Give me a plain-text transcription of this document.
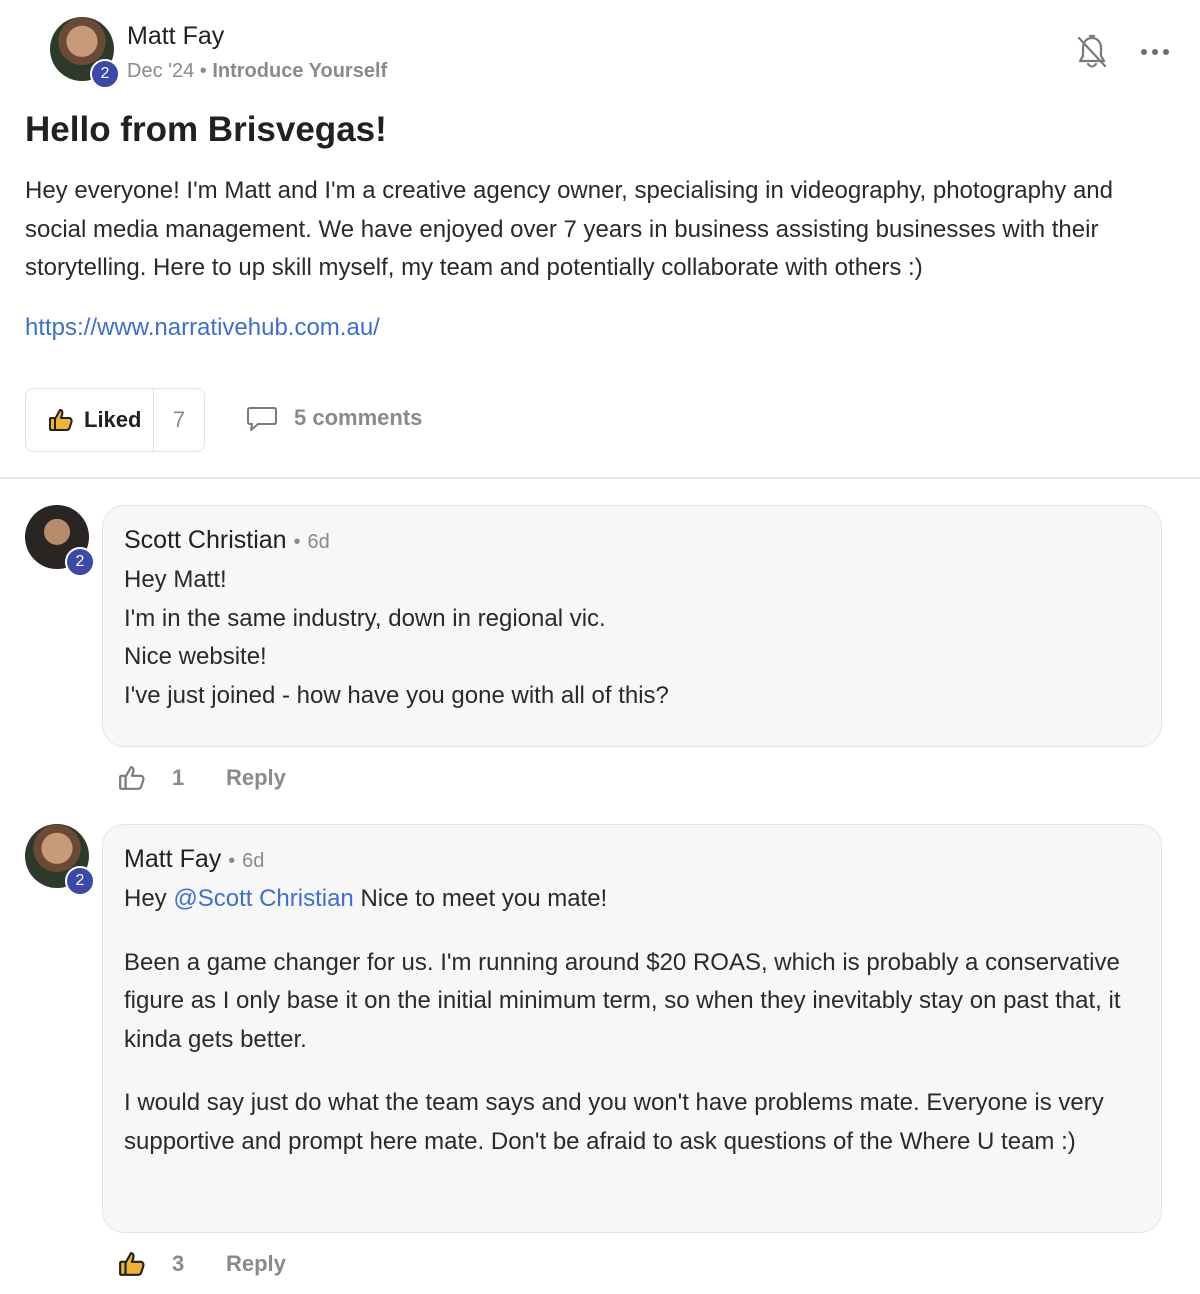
2
Matt Fay
Dec '24 • Introduce Yourself
Hello from Brisvegas!
Hey everyone! I'm Matt and I'm a creative agency owner, specialising in videography, photography and social media management. We have enjoyed over 7 years in business assisting businesses with their storytelling. Here to up skill myself, my team and potentially collaborate with others :)
https://www.narrativehub.com.au/
Liked	7	5 comments
2
Scott Christian • 6d
Hey Matt!
I'm in the same industry, down in regional vic.
Nice website!
I've just joined - how have you gone with all of this?
1	Reply
2
Matt Fay • 6d
Hey @Scott Christian Nice to meet you mate!
Been a game changer for us. I'm running around $20 ROAS, which is probably a conservative figure as I only base it on the initial minimum term, so when they inevitably stay on past that, it kinda gets better.
I would say just do what the team says and you won't have problems mate. Everyone is very supportive and prompt here mate. Don't be afraid to ask questions of the Where U team :)
3	Reply
